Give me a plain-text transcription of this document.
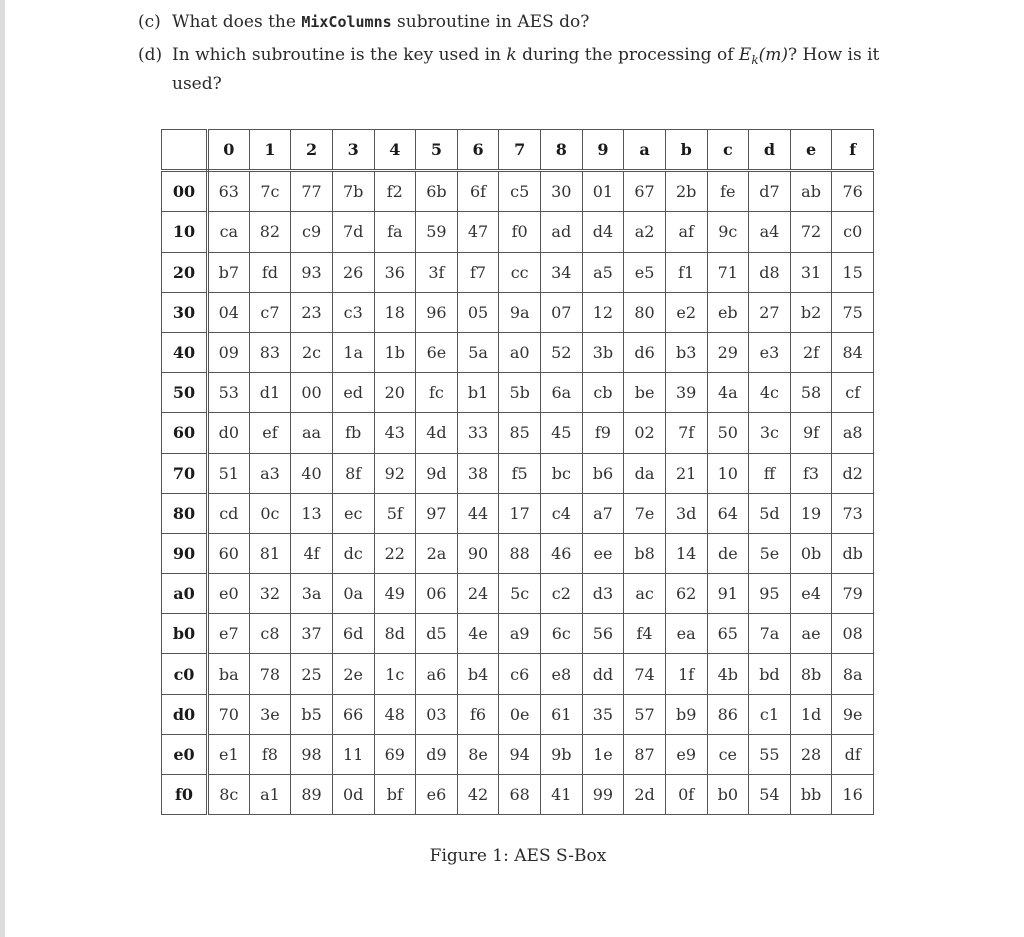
(c) What does the MixColumns subroutine in AES do?
(d) In which subroutine is the key used in k during the processing of $E_k(m)$? How is it
used?
	0	1	2	3	4	5	6	7	8	9	a	b	c	d	e	f
00	63	7c	77	7b	f2	6b	6f	c5	30	01	67	2b	fe	d7	ab	76
10	ca	82	c9	7d	fa	59	47	f0	ad	d4	a2	af	9c	a4	72	c0
20	b7	fd	93	26	36	3f	f7	cc	34	a5	e5	f1	71	d8	31	15
30	04	c7	23	c3	18	96	05	9a	07	12	80	e2	eb	27	b2	75
40	09	83	2c	1a	1b	6e	5a	a0	52	3b	d6	b3	29	e3	2f	84
50	53	d1	00	ed	20	fc	b1	5b	6a	cb	be	39	4a	4c	58	cf
60	d0	ef	aa	fb	43	4d	33	85	45	f9	02	7f	50	3c	9f	a8
70	51	a3	40	8f	92	9d	38	f5	bc	b6	da	21	10	ff	f3	d2
80	cd	0c	13	ec	5f	97	44	17	c4	a7	7e	3d	64	5d	19	73
90	60	81	4f	dc	22	2a	90	88	46	ee	b8	14	de	5e	0b	db
a0	e0	32	3a	0a	49	06	24	5c	c2	d3	ac	62	91	95	e4	79
b0	e7	c8	37	6d	8d	d5	4e	a9	6c	56	f4	ea	65	7a	ae	08
c0	ba	78	25	2e	1c	a6	b4	c6	e8	dd	74	1f	4b	bd	8b	8a
d0	70	3e	b5	66	48	03	f6	0e	61	35	57	b9	86	c1	1d	9e
e0	e1	f8	98	11	69	d9	8e	94	9b	1e	87	e9	ce	55	28	df
f0	8c	a1	89	0d	bf	e6	42	68	41	99	2d	0f	b0	54	bb	16
Figure 1: AES S-Box
